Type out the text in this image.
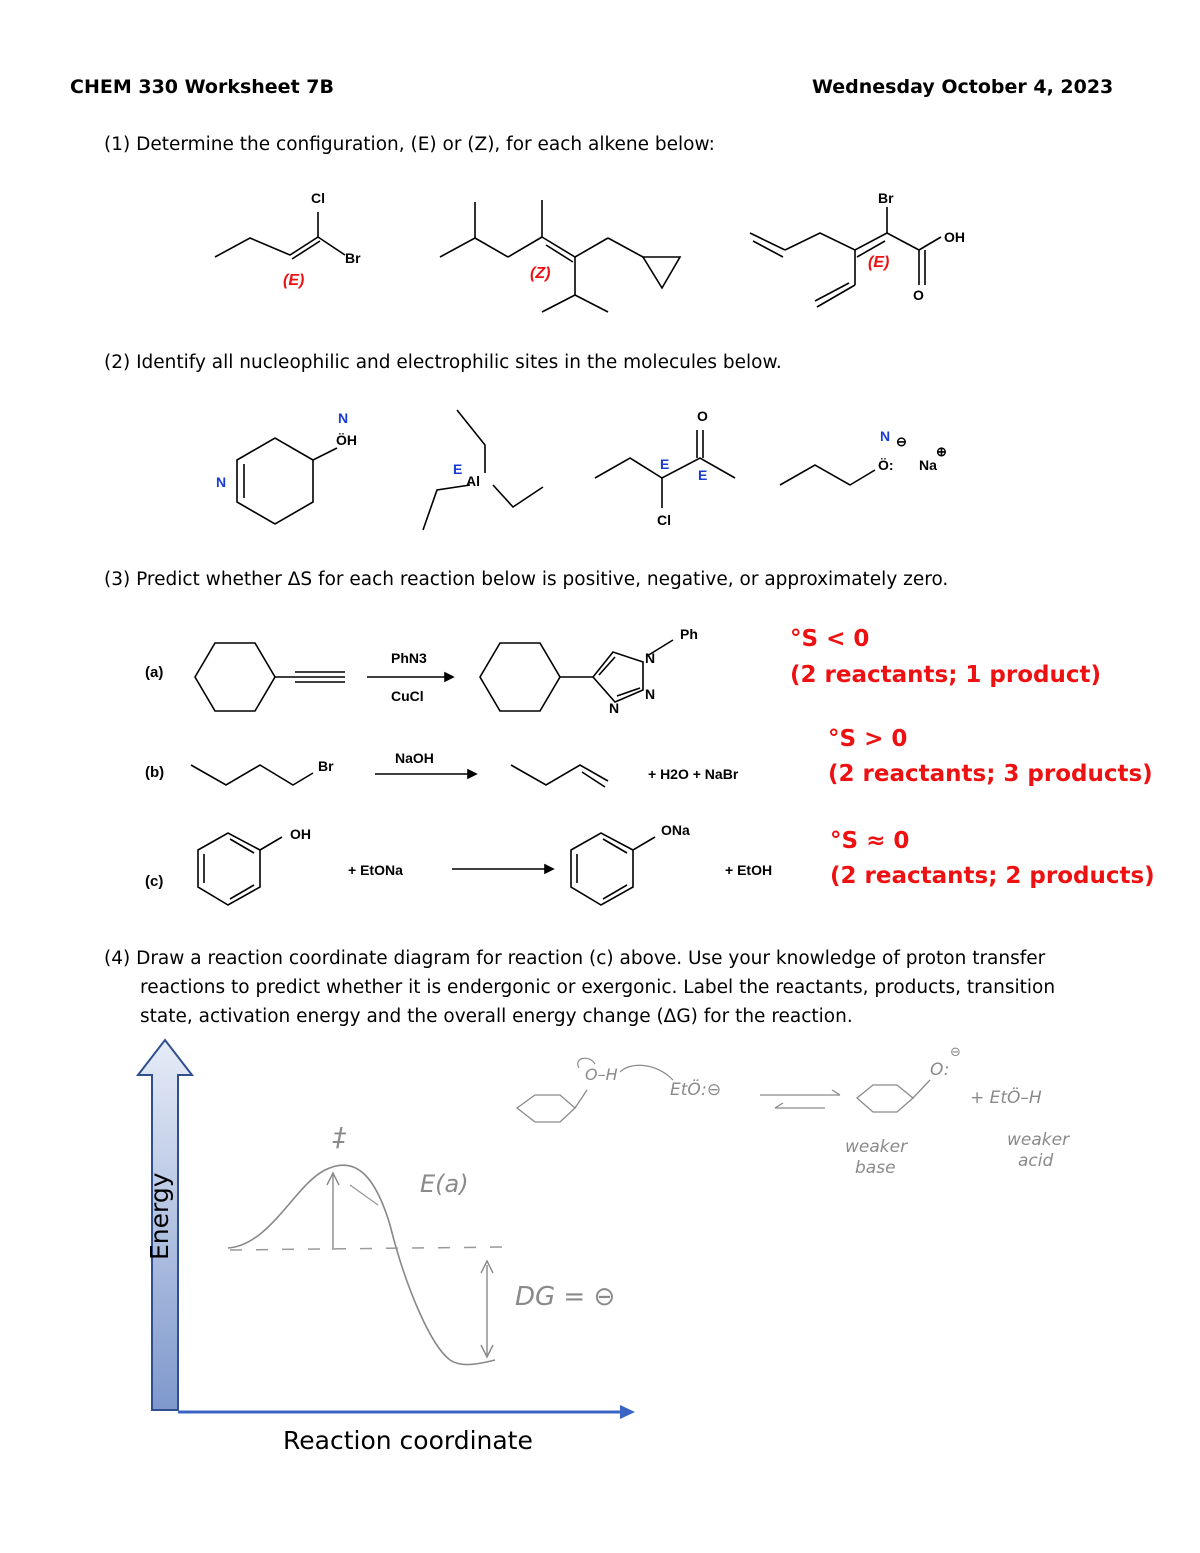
CHEM 330 Worksheet 7B	Wednesday October 4, 2023
(1) Determine the configuration, (E) or (Z), for each alkene below:
Cl
Br
(E)	(Z)
Br
OH
O
(E)
(2) Identify all nucleophilic and electrophilic sites in the molecules below.
ÖH
N
N	Al
E
O
Cl
E
E
Ö:
N ⊖
Na
⊕
(3) Predict whether ΔS for each reaction below is positive, negative, or approximately zero.
(a)
PhN3
CuCl
Ph
N
N
N
°S < 0
(2 reactants; 1 product)
(b)	Br	NaOH
+ H2O + NaBr
°S > 0
(2 reactants; 3 products)
(c)
OH
+ EtONa
ONa
+ EtOH
°S ≈ 0
(2 reactants; 2 products)
(4) Draw a reaction coordinate diagram for reaction (c) above. Use your knowledge of proton transfer
reactions to predict whether it is endergonic or exergonic. Label the reactants, products, transition
state, activation energy and the overall energy change (ΔG) for the reaction.
Energy
Reaction coordinate
‡
E(a)
DG = ⊖
O–H
EtÖ:⊖
O:
⊖
+ EtÖ–H
weaker
base
weaker
acid
